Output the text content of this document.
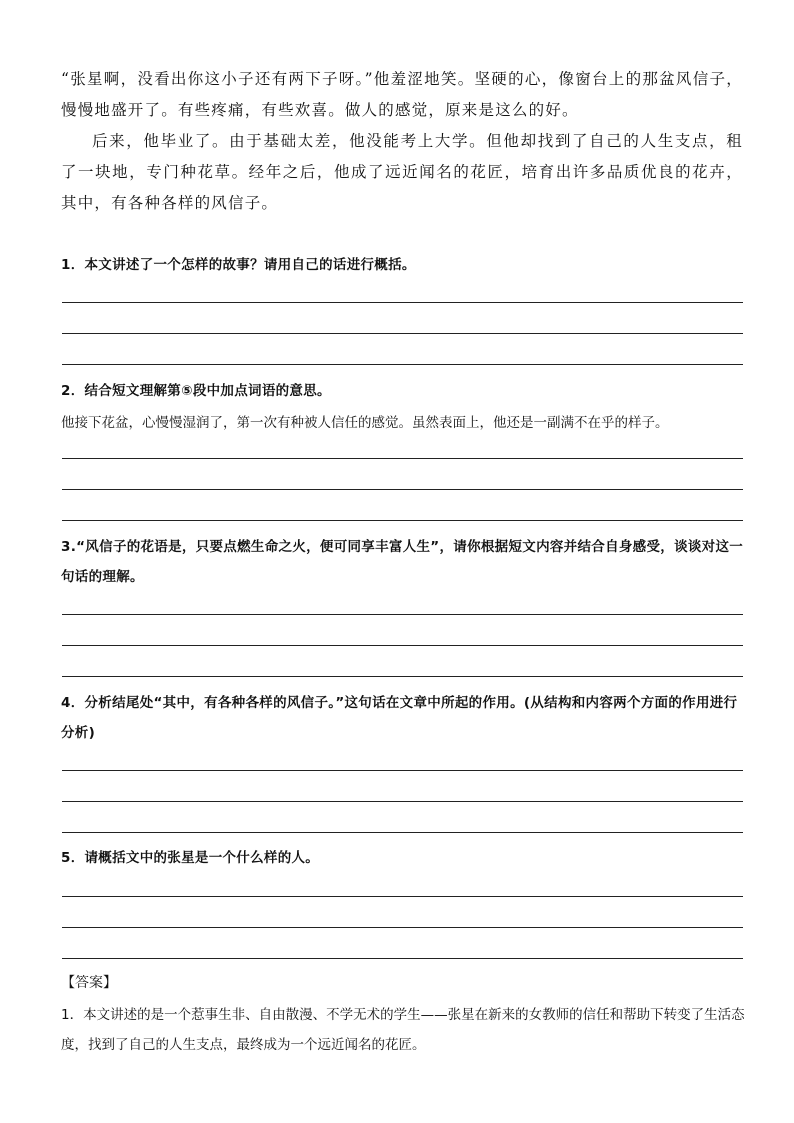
“张星啊，没看出你这小子还有两下子呀。”他羞涩地笑。坚硬的心，像窗台上的那盆风信子，慢慢地盛开了。有些疼痛，有些欢喜。做人的感觉，原来是这么的好。

后来，他毕业了。由于基础太差，他没能考上大学。但他却找到了自己的人生支点，租了一块地，专门种花草。经年之后，他成了远近闻名的花匠，培育出许多品质优良的花卉，其中，有各种各样的风信子。

1．本文讲述了一个怎样的故事？请用自己的话进行概括。
2．结合短文理解第⑤段中加点词语的意思。
他接下花盆，心慢慢湿润了，第一次有种被人信任的感觉。虽然表面上，他还是一副满不在乎的样子。
3.“风信子的花语是，只要点燃生命之火，便可同享丰富人生”，请你根据短文内容并结合自身感受，谈谈对这一句话的理解。
4．分析结尾处“其中，有各种各样的风信子。”这句话在文章中所起的作用。(从结构和内容两个方面的作用进行分析)
5．请概括文中的张星是一个什么样的人。
【答案】
1．本文讲述的是一个惹事生非、自由散漫、不学无术的学生——张星在新来的女教师的信任和帮助下转变了生活态度，找到了自己的人生支点，最终成为一个远近闻名的花匠。
